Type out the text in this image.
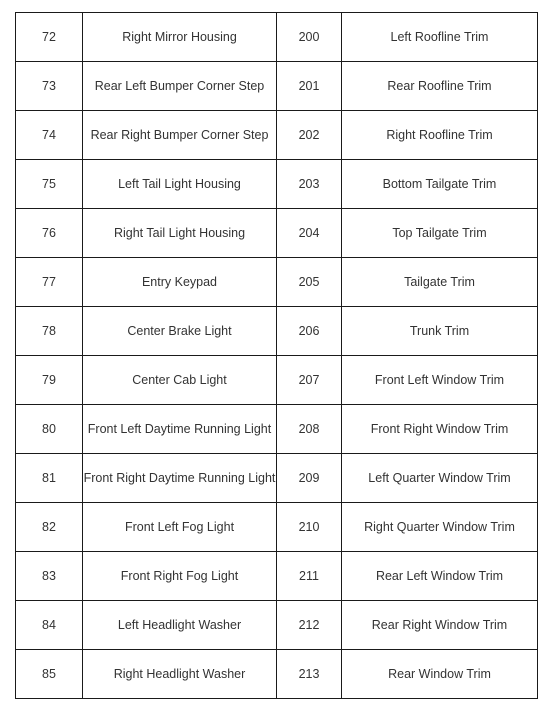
72	Right Mirror Housing	200	Left Roofline Trim
73	Rear Left Bumper Corner Step	201	Rear Roofline Trim
74	Rear Right Bumper Corner Step	202	Right Roofline Trim
75	Left Tail Light Housing	203	Bottom Tailgate Trim
76	Right Tail Light Housing	204	Top Tailgate Trim
77	Entry Keypad	205	Tailgate Trim
78	Center Brake Light	206	Trunk Trim
79	Center Cab Light	207	Front Left Window Trim
80	Front Left Daytime Running Light	208	Front Right Window Trim
81	Front Right Daytime Running Light	209	Left Quarter Window Trim
82	Front Left Fog Light	210	Right Quarter Window Trim
83	Front Right Fog Light	211	Rear Left Window Trim
84	Left Headlight Washer	212	Rear Right Window Trim
85	Right Headlight Washer	213	Rear Window Trim
